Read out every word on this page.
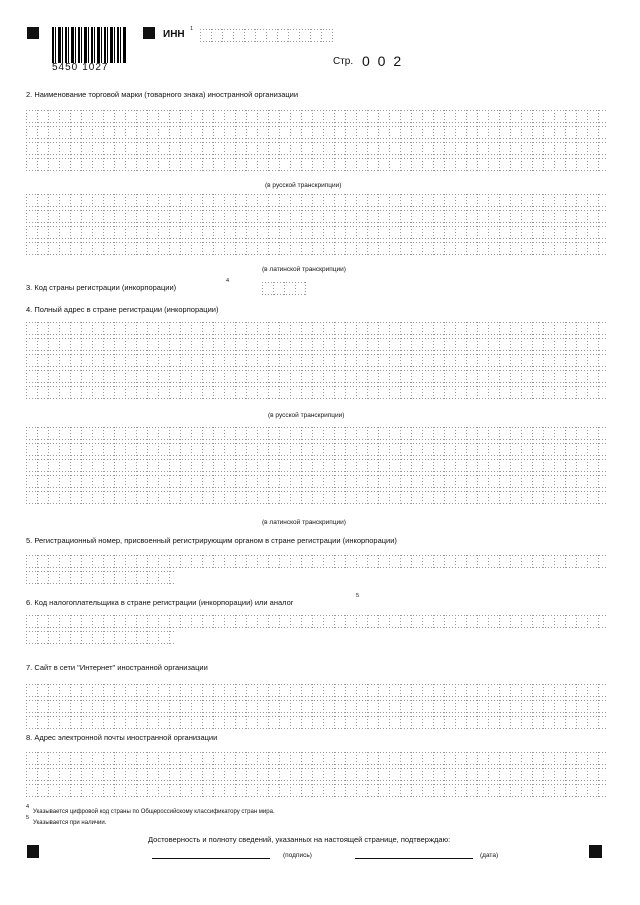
5450 1027
ИНН 1
Стр. 0 0 2
2. Наименование торговой марки (товарного знака) иностранной организации
(в русской транскрипции)
(в латинской транскрипции)
3. Код страны регистрации (инкорпорации)
4
4. Полный адрес в стране регистрации (инкорпорации)
(в русской транскрипции)
(в латинской транскрипции)
5. Регистрационный номер, присвоенный регистрирующим органом в стране регистрации (инкорпорации)
6. Код налогоплательщика в стране регистрации (инкорпорации) или аналог
5
7. Сайт в сети "Интернет" иностранной организации
8. Адрес электронной почты иностранной организации
4
Указывается цифровой код страны по Общероссийскому классификатору стран мира.
5
Указывается при наличии.
Достоверность и полноту сведений, указанных на настоящей странице, подтверждаю:
(подпись)	(дата)
